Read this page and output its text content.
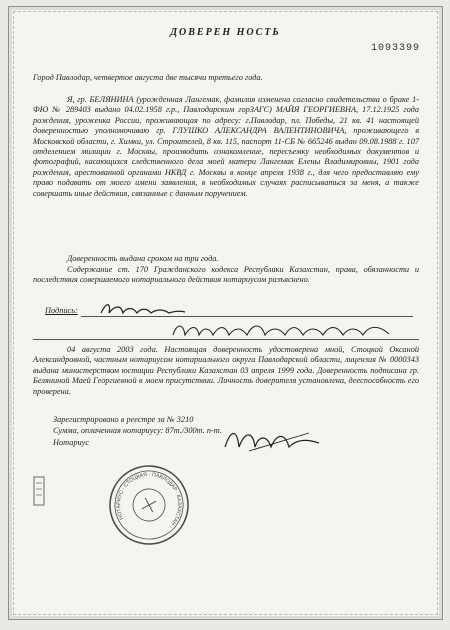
ДОВЕРЕН НОСТЬ
1093399
Город Павлодар, четвертое августа две тысячи третьего года.
Я, гр. БЕЛЯНИНА (урожденная Лангемак, фамилия изменена согласно свидетельства о браке 1-ФЮ № 289403 выдано 04.02.1958 г.р., Павлодарским горЗАГС) МАЙЯ ГЕОРГИЕВНА, 17.12.1925 года рождения, уроженка России, проживающая по адресу: г.Павлодар, пл. Победы, 21 кв. 41 настоящей доверенностью уполномочиваю гр. ГЛУШКО АЛЕКСАНДРА ВАЛЕНТИНОВИЧА, проживающего в Московской области, г. Химки, ул. Строителей, 8 кв. 115, паспорт 11-СБ № 665246 выдан 09.08.1988 г. 107 отделением милиции г. Москвы, производить ознакомление, пересъемку необходимых документов и фотографий, касающихся следственного дела моей матери Лангемак Елены Владимировны, 1901 года рождения, арестованной органами НКВД г. Москвы в конце апреля 1938 г., для чего предоставляю ему право подавать от моего имени заявления, в необходимых случаях расписываться за меня, а также совершать иные действия, связанные с данным поручением.
Доверенность выдана сроком на три года.
Содержание ст. 170 Гражданского кодекса Республики Казахстан, права, обязанности и последствия совершаемого нотариального действия нотариусом разъяснено.
Подпись:
04 августа 2003 года. Настоящая доверенность удостоверена мной, Стоцкой Оксаной Александровной, частным нотариусом нотариального округа Павлодарской области, лицензия № 0000343 выдана министерством юстиции Республики Казахстан 03 апреля 1999 года. Доверенность подписана гр. Беляниной Маей Георгиевной в моем присутствии. Личность доверителя установлена, дееспособность его проверена.
Зарегистрировано в реестре за № 3210
Сумма, оплаченная нотариусу: 87т./300т. п-т.
Нотариус
НОТАРИУС · СТОЦКАЯ · ПАВЛОДАР · КАЗАХСТАН ·
